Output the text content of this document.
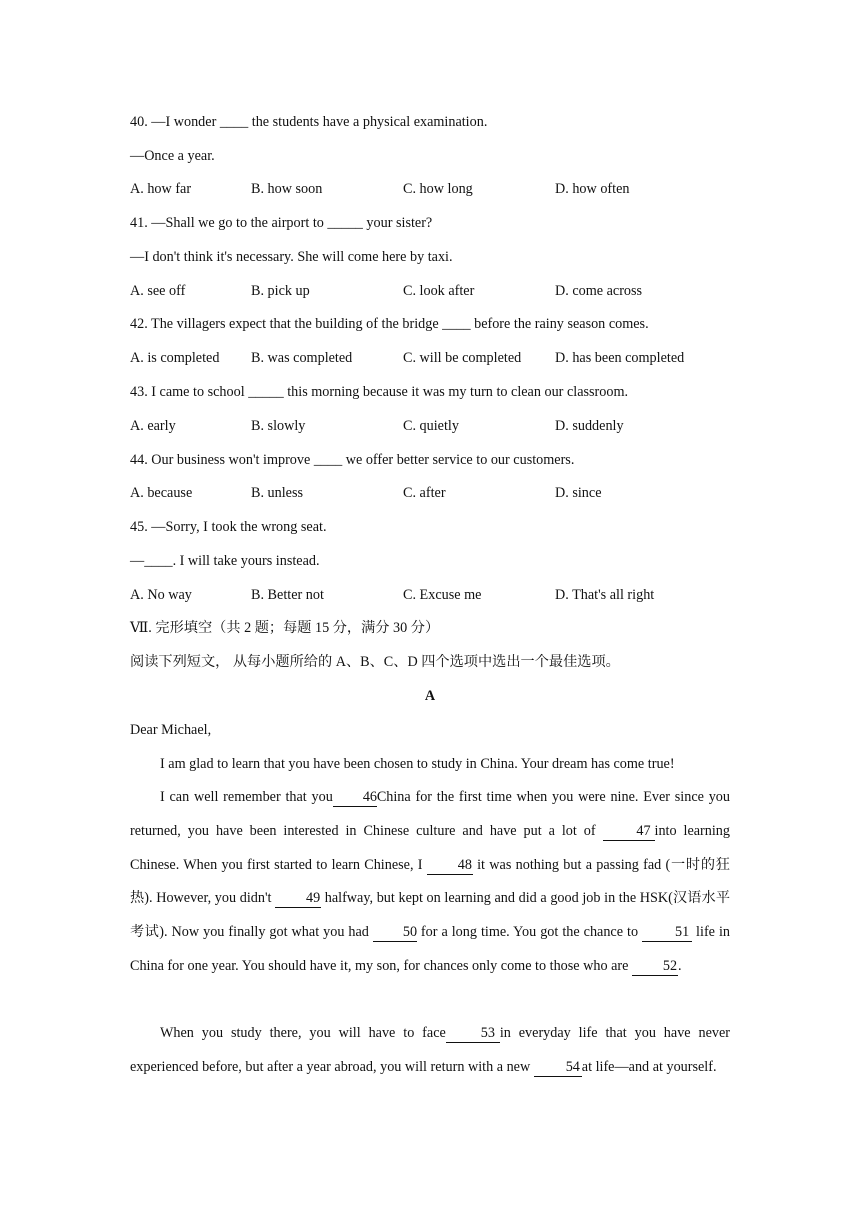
40. —I wonder ____ the students have a physical examination.
—Once a year.
A. how far	B. how soon	C. how long	D. how often
41. —Shall we go to the airport to _____ your sister?
—I don't think it's necessary. She will come here by taxi.
A. see off	B. pick up	C. look after	D. come across
42. The villagers expect that the building of the bridge ____ before the rainy season comes.
A. is completed B. was completed	C. will be completed D. has been completed
43. I came to school _____ this morning because it was my turn to clean our classroom.
A. early	B. slowly	C. quietly	D. suddenly
44. Our business won't improve ____ we offer better service to our customers.
A. because	B. unless	C. after	D. since
45. —Sorry, I took the wrong seat.
—____. I will take yours instead.
A. No way	B. Better not	C. Excuse me	D. That's all right
Ⅶ. 完形填空（共 2 题；每题 15 分，满分 30 分）
阅读下列短文， 从每小题所给的 A、B、C、D 四个选项中选出一个最佳选项。
A
Dear Michael,
I am glad to learn that you have been chosen to study in China. Your dream has come true!
I can well remember that you 46China for the first time when you were nine. Ever since you returned, you have been interested in Chinese culture and have put a lot of 47 into learning Chinese. When you first started to learn Chinese, I 48 it was nothing but a passing fad (一时的狂热). However, you didn't 49 halfway, but kept on learning and did a good job in the HSK(汉语水平考试). Now you finally got what you had 50 for a long time. You got the chance to 51 life in China for one year. You should have it, my son, for chances only come to those who are 52.
When you study there, you will have to face 53 in everyday life that you have never experienced before, but after a year abroad, you will return with a new 54 at life—and at yourself.
